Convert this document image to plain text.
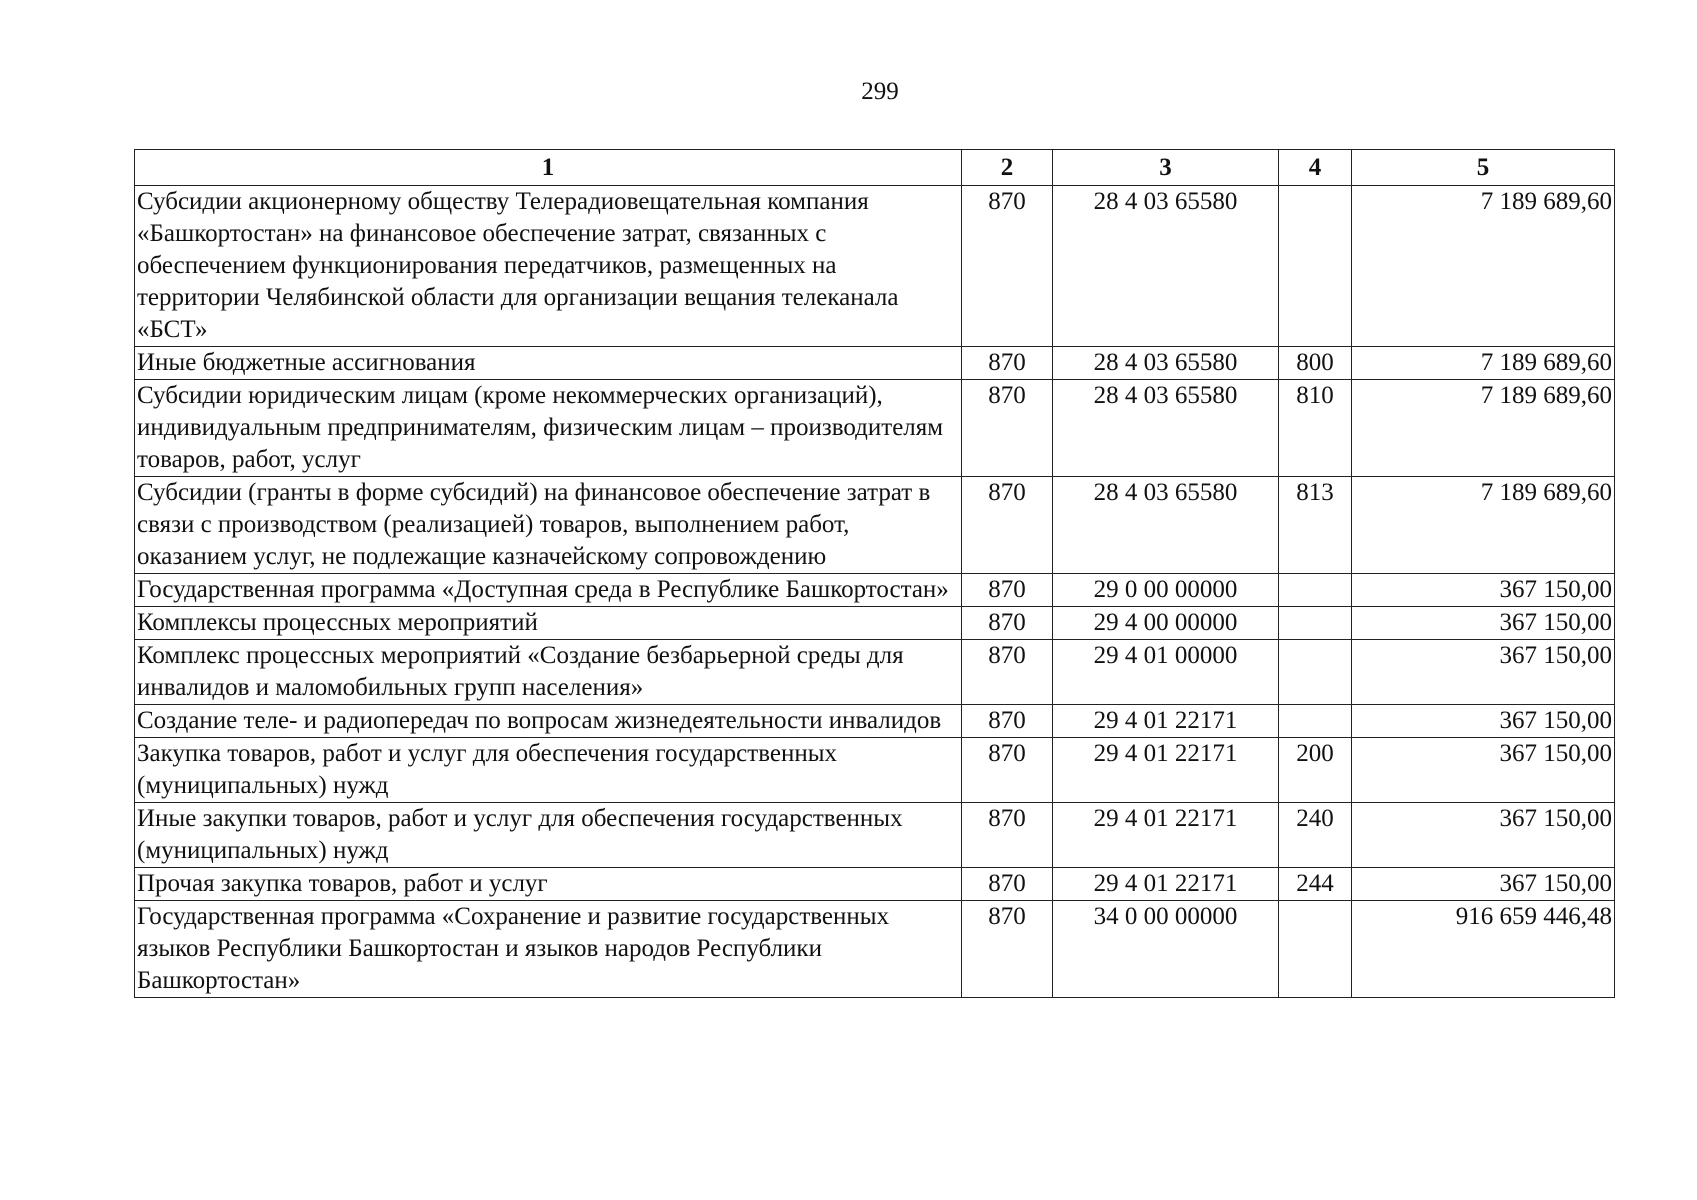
299
1	2	3	4	5
Субсидии акционерному обществу Телерадиовещательная компания «Башкортостан» на финансовое обеспечение затрат, связанных с обеспечением функционирования передатчиков, размещенных на территории Челябинской области для организации вещания телеканала «БСТ»	870	28 4 03 65580		7 189 689,60
Иные бюджетные ассигнования	870	28 4 03 65580	800	7 189 689,60
Субсидии юридическим лицам (кроме некоммерческих организаций), индивидуальным предпринимателям, физическим лицам – производителям товаров, работ, услуг	870	28 4 03 65580	810	7 189 689,60
Субсидии (гранты в форме субсидий) на финансовое обеспечение затрат в связи с производством (реализацией) товаров, выполнением работ, оказанием услуг, не подлежащие казначейскому сопровождению	870	28 4 03 65580	813	7 189 689,60
Государственная программа «Доступная среда в Республике Башкортостан»	870	29 0 00 00000		367 150,00
Комплексы процессных мероприятий	870	29 4 00 00000		367 150,00
Комплекс процессных мероприятий «Создание безбарьерной среды для инвалидов и маломобильных групп населения»	870	29 4 01 00000		367 150,00
Создание теле- и радиопередач по вопросам жизнедеятельности инвалидов	870	29 4 01 22171		367 150,00
Закупка товаров, работ и услуг для обеспечения государственных (муниципальных) нужд	870	29 4 01 22171	200	367 150,00
Иные закупки товаров, работ и услуг для обеспечения государственных (муниципальных) нужд	870	29 4 01 22171	240	367 150,00
Прочая закупка товаров, работ и услуг	870	29 4 01 22171	244	367 150,00
Государственная программа «Сохранение и развитие государственных языков Республики Башкортостан и языков народов Республики Башкортостан»	870	34 0 00 00000		916 659 446,48
